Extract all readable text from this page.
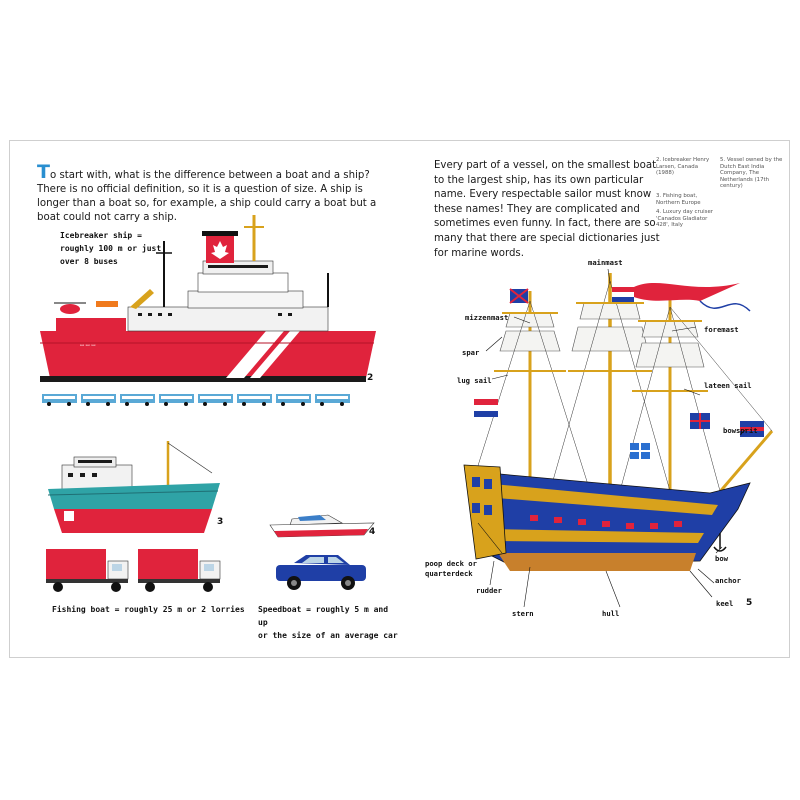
To start with, what is the difference between a boat and a ship? There is no official definition, so it is a question of size. A ship is longer than a boat so, for example, a ship could carry a boat but a boat could not carry a ship.

Icebreaker ship =
roughly 100 m or just
over 8 buses
ꟷ ꟷ ꟷ
2
3
Fishing boat = roughly 25 m or 2 lorries
4
Speedboat = roughly 5 m and up
or the size of an average car

Every part of a vessel, on the smallest boat to the largest ship, has its own particular name. Every respectable sailor must know these names! They are complicated and sometimes even funny. In fact, there are so many that there are special dictionaries just for marine words.

2. Icebreaker Henry Larsen, Canada (1988)
5. Vessel owned by the Dutch East India Company, The Netherlands (17th century)
3. Fishing boat, Northern Europe
4. Luxury day cruiser 'Canados Gladiator 428', Italy
mainmast
mizzenmast
foremast
spar
lug sail
lateen sail
bowsprit
poop deck or
quarterdeck
rudder
stern	hull
bow
anchor
keel 5
